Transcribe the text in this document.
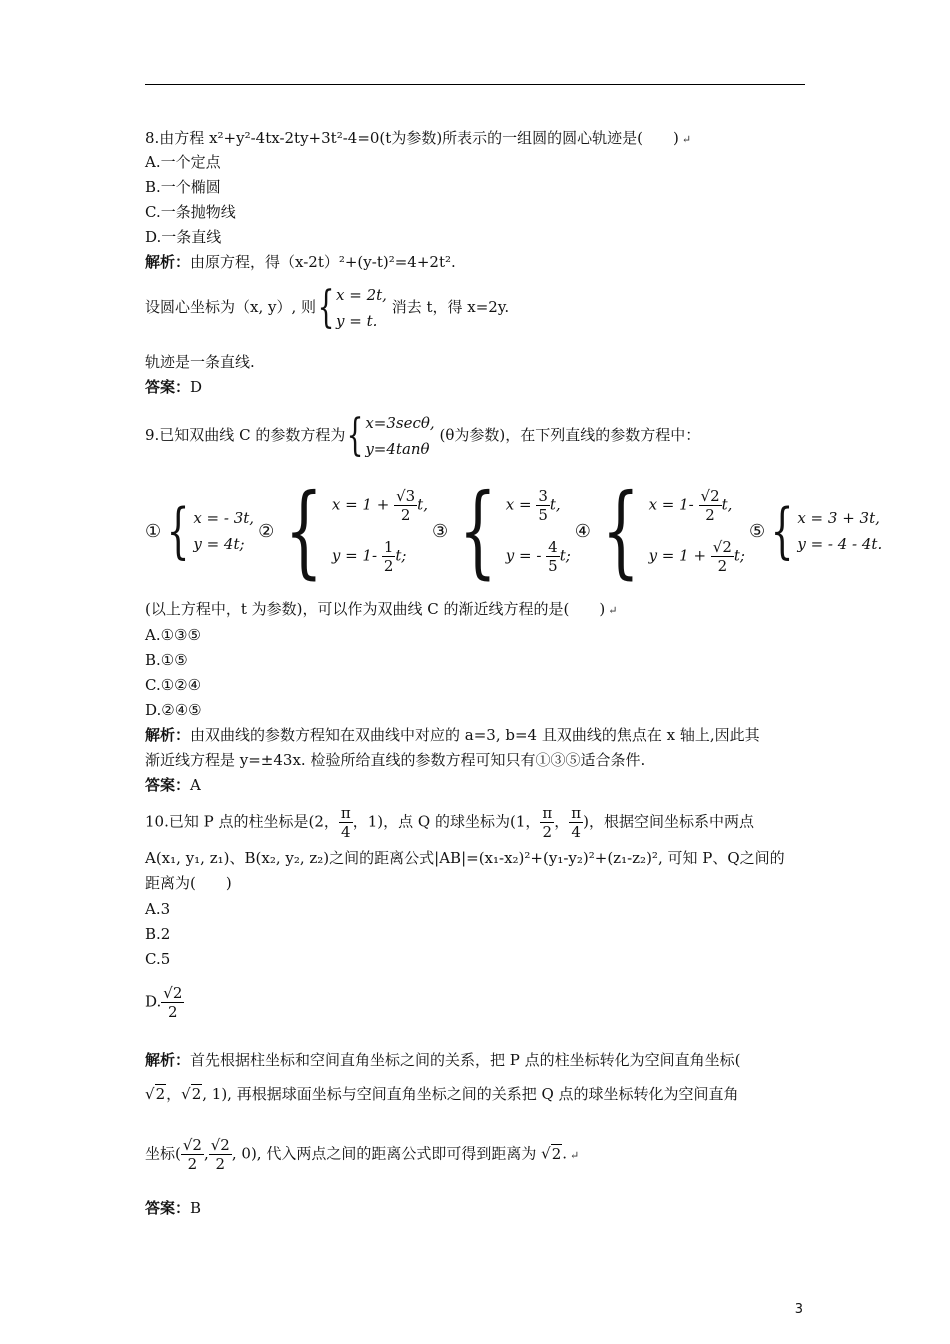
8.由方程 x²+y²-4tx-2ty+3t²-4=0(t为参数)所表示的一组圆的圆心轨迹是(　　) ↵
A.一个定点
B.一个椭圆
C.一条抛物线
D.一条直线
解析：由原方程，得（x-2t）²+(y-t)²=4+2t².
设圆心坐标为（x, y）, 则{ x = 2t,
y = t.
消去 t，得 x=2y.
轨迹是一条直线.
答案：D
9.已知双曲线 C 的参数方程为{ x=3secθ,
y=4tanθ
(θ为参数)，在下列直线的参数方程中：
① { x = - 3t,
y = 4t;
② { $x = 1 + \frac{√3}{2} t$,
$y = 1- \frac{1}{2} t$;
③ { $x = \frac{3}{5} t$,
y = - $\frac{4}{5} t$;
④ { $x = 1- \frac{√2}{2} t$,
$y = 1 + \frac{√2}{2} t$;
⑤ { x = 3 + 3t,
y = - 4 - 4t.
(以上方程中，t 为参数)，可以作为双曲线 C 的渐近线方程的是(　　) ↵
A.①③⑤
B.①⑤
C.①②④
D.②④⑤
解析：由双曲线的参数方程知在双曲线中对应的 a=3, b=4 且双曲线的焦点在 x 轴上,因此其
渐近线方程是 y=±43x. 检验所给直线的参数方程可知只有①③⑤适合条件.
答案：A
10.已知 P 点的柱坐标是(2， $\frac{\pi}{4}$ ，1)，点 Q 的球坐标为(1， $\frac{\pi}{2}$ ， $\frac{\pi}{4}$ )，根据空间坐标系中两点
A(x₁, y₁, z₁)、B(x₂, y₂, z₂)之间的距离公式|AB|=(x₁-x₂)²+(y₁-y₂)²+(z₁-z₂)², 可知 P、Q之间的
距离为(　　)
A.3
B.2
C.5
D. $\frac{√2}{2}$
解析：首先根据柱坐标和空间直角坐标之间的关系，把 P 点的柱坐标转化为空间直角坐标(
√2，√2, 1), 再根据球面坐标与空间直角坐标之间的关系把 Q 点的球坐标转化为空间直角
坐标( $\frac{√2}{2}$ , $\frac{√2}{2}$ , 0), 代入两点之间的距离公式即可得到距离为 √2. ↵
答案：B
3
